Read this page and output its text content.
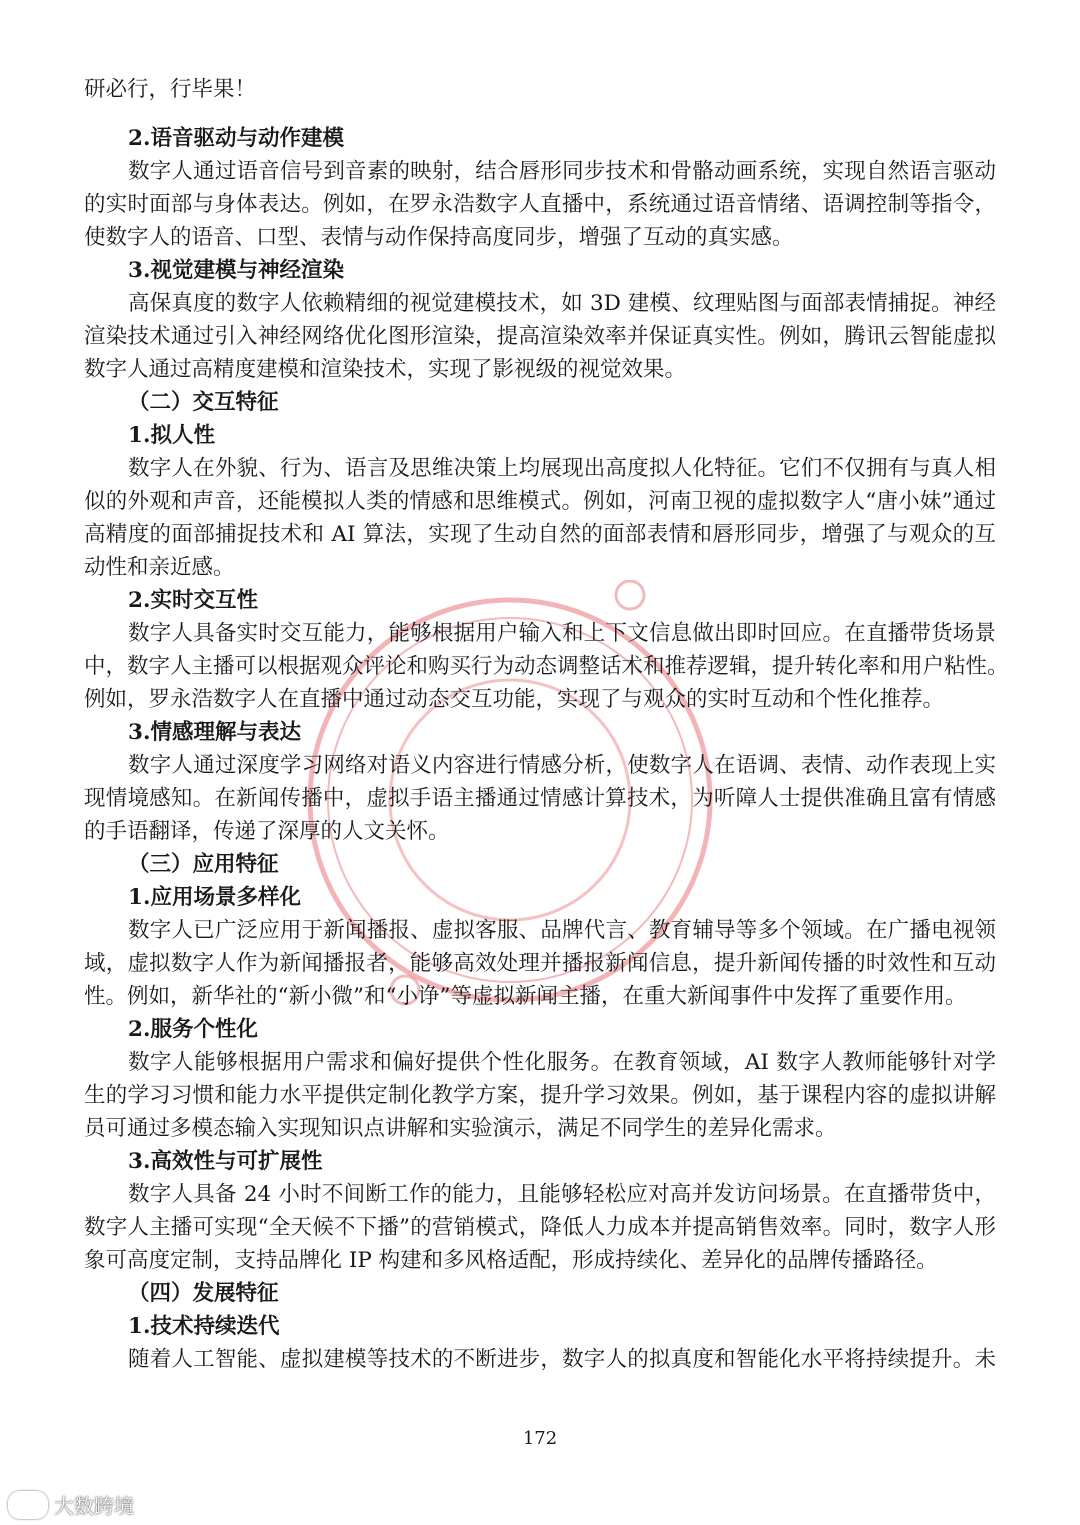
研必行，行毕果！
2.语音驱动与动作建模
数字人通过语音信号到音素的映射，结合唇形同步技术和骨骼动画系统，实现自然语言驱动
的实时面部与身体表达。例如，在罗永浩数字人直播中，系统通过语音情绪、语调控制等指令，
使数字人的语音、口型、表情与动作保持高度同步，增强了互动的真实感。
3.视觉建模与神经渲染
高保真度的数字人依赖精细的视觉建模技术，如 3D 建模、纹理贴图与面部表情捕捉。神经
渲染技术通过引入神经网络优化图形渲染，提高渲染效率并保证真实性。例如，腾讯云智能虚拟
数字人通过高精度建模和渲染技术，实现了影视级的视觉效果。
（二）交互特征
1.拟人性
数字人在外貌、行为、语言及思维决策上均展现出高度拟人化特征。它们不仅拥有与真人相
似的外观和声音，还能模拟人类的情感和思维模式。例如，河南卫视的虚拟数字人“唐小妹”通过
高精度的面部捕捉技术和 AI 算法，实现了生动自然的面部表情和唇形同步，增强了与观众的互
动性和亲近感。
2.实时交互性
数字人具备实时交互能力，能够根据用户输入和上下文信息做出即时回应。在直播带货场景
中，数字人主播可以根据观众评论和购买行为动态调整话术和推荐逻辑，提升转化率和用户粘性。
例如，罗永浩数字人在直播中通过动态交互功能，实现了与观众的实时互动和个性化推荐。
3.情感理解与表达
数字人通过深度学习网络对语义内容进行情感分析，使数字人在语调、表情、动作表现上实
现情境感知。在新闻传播中，虚拟手语主播通过情感计算技术，为听障人士提供准确且富有情感
的手语翻译，传递了深厚的人文关怀。
（三）应用特征
1.应用场景多样化
数字人已广泛应用于新闻播报、虚拟客服、品牌代言、教育辅导等多个领域。在广播电视领
域，虚拟数字人作为新闻播报者，能够高效处理并播报新闻信息，提升新闻传播的时效性和互动
性。例如，新华社的“新小微”和“小诤”等虚拟新闻主播，在重大新闻事件中发挥了重要作用。
2.服务个性化
数字人能够根据用户需求和偏好提供个性化服务。在教育领域，AI 数字人教师能够针对学
生的学习习惯和能力水平提供定制化教学方案，提升学习效果。例如，基于课程内容的虚拟讲解
员可通过多模态输入实现知识点讲解和实验演示，满足不同学生的差异化需求。
3.高效性与可扩展性
数字人具备 24 小时不间断工作的能力，且能够轻松应对高并发访问场景。在直播带货中，
数字人主播可实现“全天候不下播”的营销模式，降低人力成本并提高销售效率。同时，数字人形
象可高度定制，支持品牌化 IP 构建和多风格适配，形成持续化、差异化的品牌传播路径。
（四）发展特征
1.技术持续迭代
随着人工智能、虚拟建模等技术的不断进步，数字人的拟真度和智能化水平将持续提升。未
172
大数跨境
